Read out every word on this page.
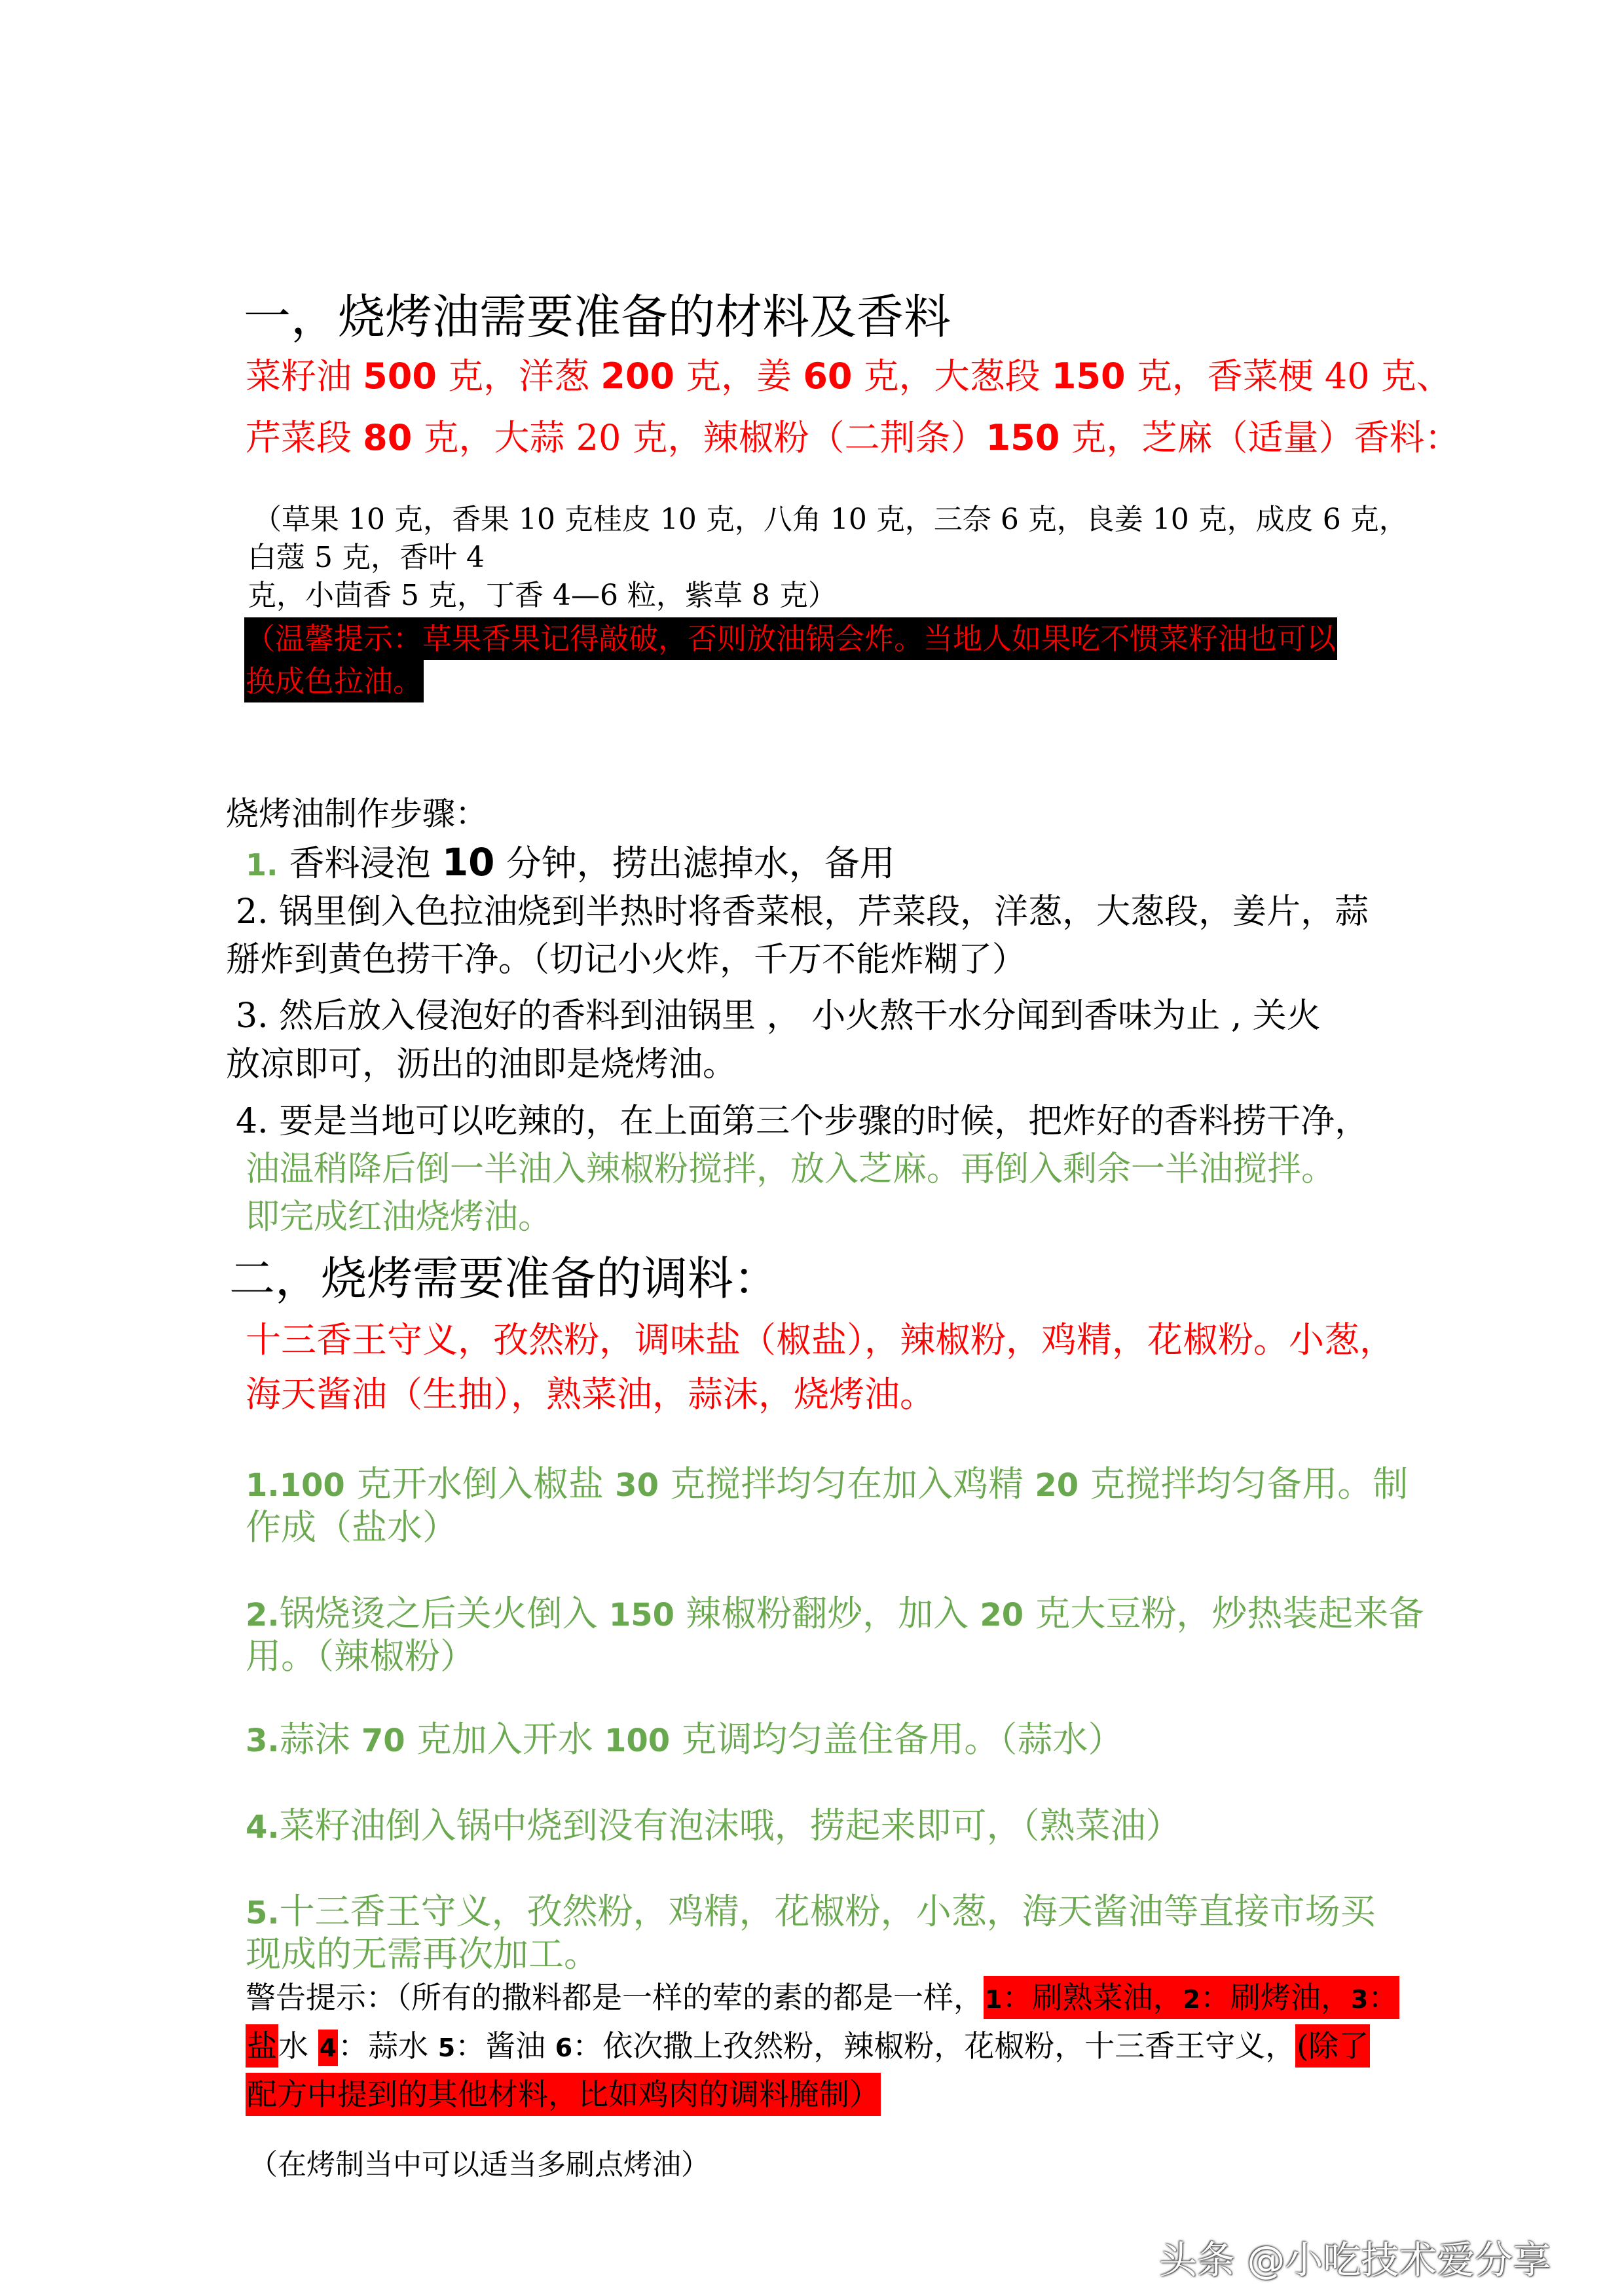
一，烧烤油需要准备的材料及香料
菜籽油 500 克，洋葱 200 克，姜 60 克，大葱段 150 克，香菜梗 40 克、
芹菜段 80 克，大蒜 20 克，辣椒粉（二荆条）150 克，芝麻（适量）香料：
（草果 10 克，香果 10 克桂皮 10 克，八角 10 克，三奈 6 克，良姜 10 克，成皮 6 克，
白蔻 5 克，香叶 4
克，小茴香 5 克，丁香 4—6 粒，紫草 8 克）
（温馨提示：草果香果记得敲破，否则放油锅会炸。当地人如果吃不惯菜籽油也可以
换成色拉油。
烧烤油制作步骤：
1. 香料浸泡 10 分钟，捞出滤掉水，备用
2. 锅里倒入色拉油烧到半热时将香菜根，芹菜段，洋葱，大葱段，姜片，蒜
掰炸到黄色捞干净。（切记小火炸，千万不能炸糊了）
3. 然后放入侵泡好的香料到油锅里 ， 小火熬干水分闻到香味为止 , 关火
放凉即可，沥出的油即是烧烤油。
4. 要是当地可以吃辣的，在上面第三个步骤的时候，把炸好的香料捞干净，
油温稍降后倒一半油入辣椒粉搅拌，放入芝麻。再倒入剩余一半油搅拌。
即完成红油烧烤油。
二，烧烤需要准备的调料：
十三香王守义，孜然粉，调味盐（椒盐），辣椒粉，鸡精，花椒粉。小葱，
海天酱油（生抽），熟菜油，蒜沫，烧烤油。
1.100 克开水倒入椒盐 30 克搅拌均匀在加入鸡精 20 克搅拌均匀备用。制
作成（盐水）
2.锅烧烫之后关火倒入 150 辣椒粉翻炒，加入 20 克大豆粉，炒热装起来备
用。（辣椒粉）
3.蒜沫 70 克加入开水 100 克调均匀盖住备用。（蒜水）
4.菜籽油倒入锅中烧到没有泡沫哦，捞起来即可，（熟菜油）
5.十三香王守义，孜然粉，鸡精，花椒粉，小葱，海天酱油等直接市场买
现成的无需再次加工。
警告提示：（所有的撒料都是一样的荤的素的都是一样，1：刷熟菜油，2：刷烤油，3：
盐水 4：蒜水 5：酱油 6：依次撒上孜然粉，辣椒粉，花椒粉，十三香王守义，(除了
配方中提到的其他材料，比如鸡肉的调料腌制）
（在烤制当中可以适当多刷点烤油）
头条 @小吃技术爱分享
